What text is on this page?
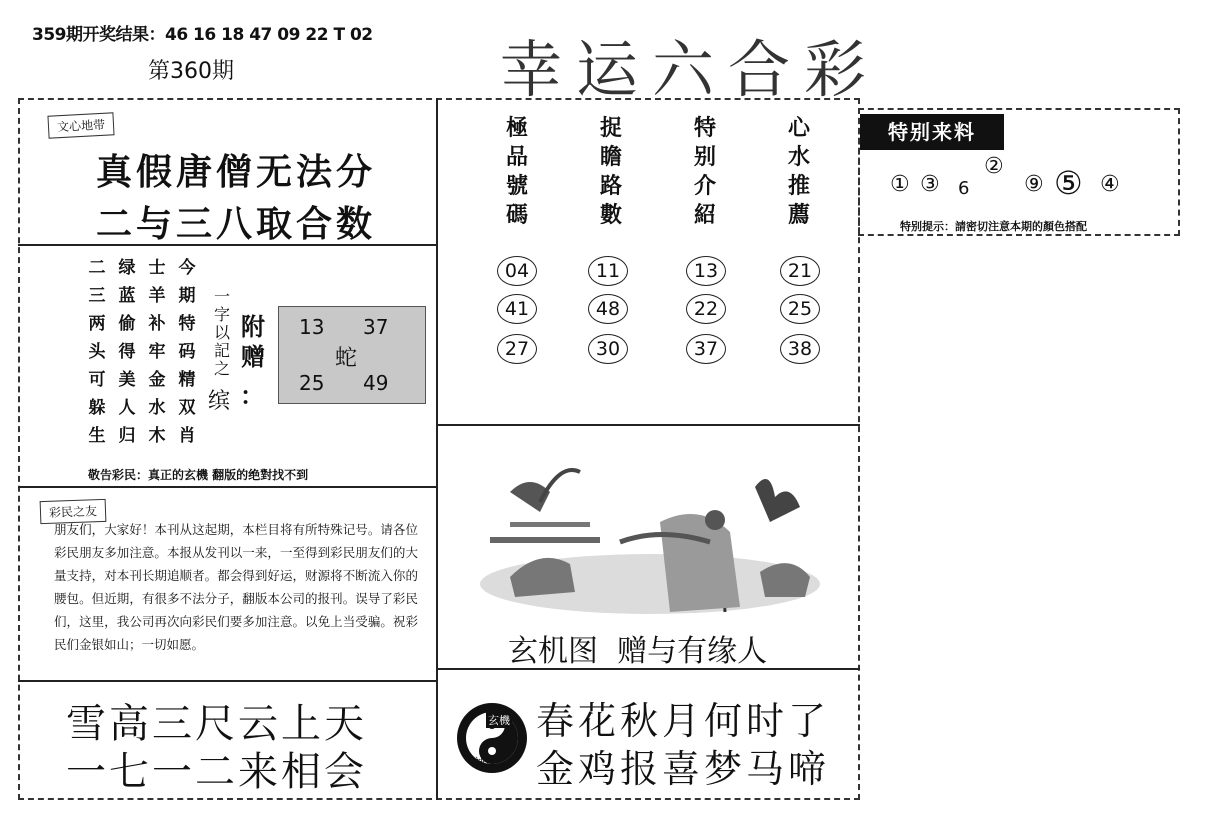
359期开奖结果：46 16 18 47 09 22 T 02
第360期	幸运六合彩
文心地带
真假唐僧无法分
二与三八取合数
二
三
两
头
可
躲
生
绿
蓝
偷
得
美
人
归
士
羊
补
牢
金
水
木
今
期
特
码
精
双
肖
一
字
以
記
之
缤
附
赠
：
13 37
蛇
25 49
敬告彩民：真正的玄機 翻版的绝對找不到
彩民之友
朋友们，大家好！本刊从这起期，本栏目将有所特殊记号。请各位彩民朋友多加注意。本报从发刊以一来，一至得到彩民朋友们的大量支持，对本刊长期追顺者。都会得到好运，财源将不断流入你的腰包。但近期，有很多不法分子，翻版本公司的报刊。误导了彩民们，这里，我公司再次向彩民们要多加注意。以免上当受骗。祝彩民们金银如山；一切如愿。
雪高三尺云上天
一七一二来相会
極
品
號
碼
捉
瞻
路
數
特
别
介
紹
心
水
推
薦
04
41
27
11
48
30
13
22
37
21
25
38
玄机图  赠与有缘人
玄機
神算
春花秋月何时了
金鸡报喜梦马啼
特别来料
① ③ 6
②
⑨ ⑤ ④
特别提示：請密切注意本期的顏色搭配
